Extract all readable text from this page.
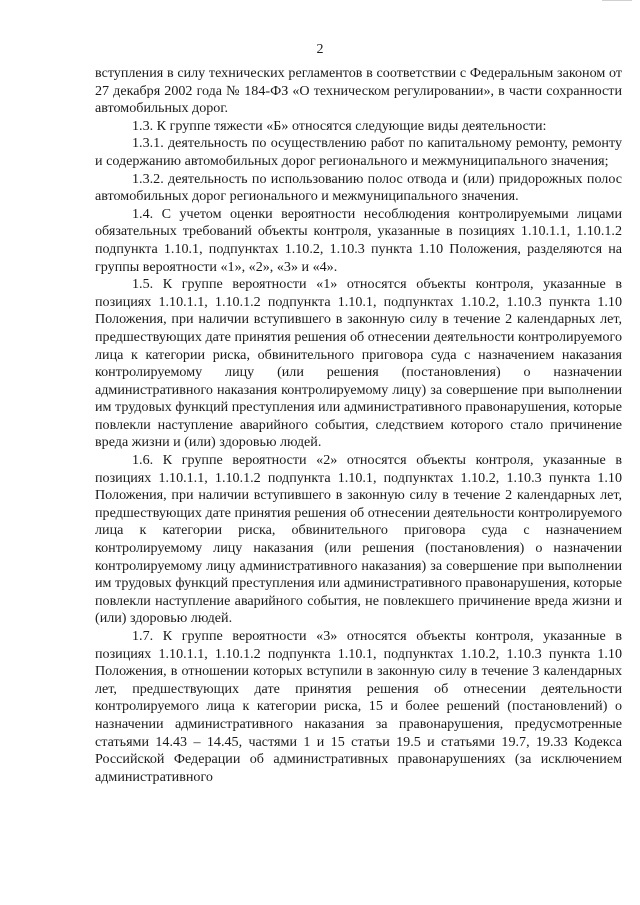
2

вступления в силу технических регламентов в соответствии с Федеральным законом от 27 декабря 2002 года № 184-ФЗ «О техническом регулировании», в части сохранности автомобильных дорог.

1.3. К группе тяжести «Б» относятся следующие виды деятельности:

1.3.1. деятельность по осуществлению работ по капитальному ремонту, ремонту и содержанию автомобильных дорог регионального и межмуниципального значения;

1.3.2. деятельность по использованию полос отвода и (или) придорожных полос автомобильных дорог регионального и межмуниципального значения.

1.4. С учетом оценки вероятности несоблюдения контролируемыми лицами обязательных требований объекты контроля, указанные в позициях 1.10.1.1, 1.10.1.2 подпункта 1.10.1, подпунктах 1.10.2, 1.10.3 пункта 1.10 Положения, разделяются на группы вероятности «1», «2», «3» и «4».

1.5. К группе вероятности «1» относятся объекты контроля, указанные в позициях 1.10.1.1, 1.10.1.2 подпункта 1.10.1, подпунктах 1.10.2, 1.10.3 пункта 1.10 Положения, при наличии вступившего в законную силу в течение 2 календарных лет, предшествующих дате принятия решения об отнесении деятельности контролируемого лица к категории риска, обвинительного приговора суда с назначением наказания контролируемому лицу (или решения (постановления) о назначении административного наказания контролируемому лицу) за совершение при выполнении им трудовых функций преступления или административного правонарушения, которые повлекли наступление аварийного события, следствием которого стало причинение вреда жизни и (или) здоровью людей.

1.6. К группе вероятности «2» относятся объекты контроля, указанные в позициях 1.10.1.1, 1.10.1.2 подпункта 1.10.1, подпунктах 1.10.2, 1.10.3 пункта 1.10 Положения, при наличии вступившего в законную силу в течение 2 календарных лет, предшествующих дате принятия решения об отнесении деятельности контролируемого лица к категории риска, обвинительного приговора суда с назначением контролируемому лицу наказания (или решения (постановления) о назначении контролируемому лицу административного наказания) за совершение при выполнении им трудовых функций преступления или административного правонарушения, которые повлекли наступление аварийного события, не повлекшего причинение вреда жизни и (или) здоровью людей.

1.7. К группе вероятности «3» относятся объекты контроля, указанные в позициях 1.10.1.1, 1.10.1.2 подпункта 1.10.1, подпунктах 1.10.2, 1.10.3 пункта 1.10 Положения, в отношении которых вступили в законную силу в течение 3 календарных лет, предшествующих дате принятия решения об отнесении деятельности контролируемого лица к категории риска, 15 и более решений (постановлений) о назначении административного наказания за правонарушения, предусмотренные статьями 14.43 – 14.45, частями 1 и 15 статьи 19.5 и статьями 19.7, 19.33 Кодекса Российской Федерации об административных правонарушениях (за исключением административного
